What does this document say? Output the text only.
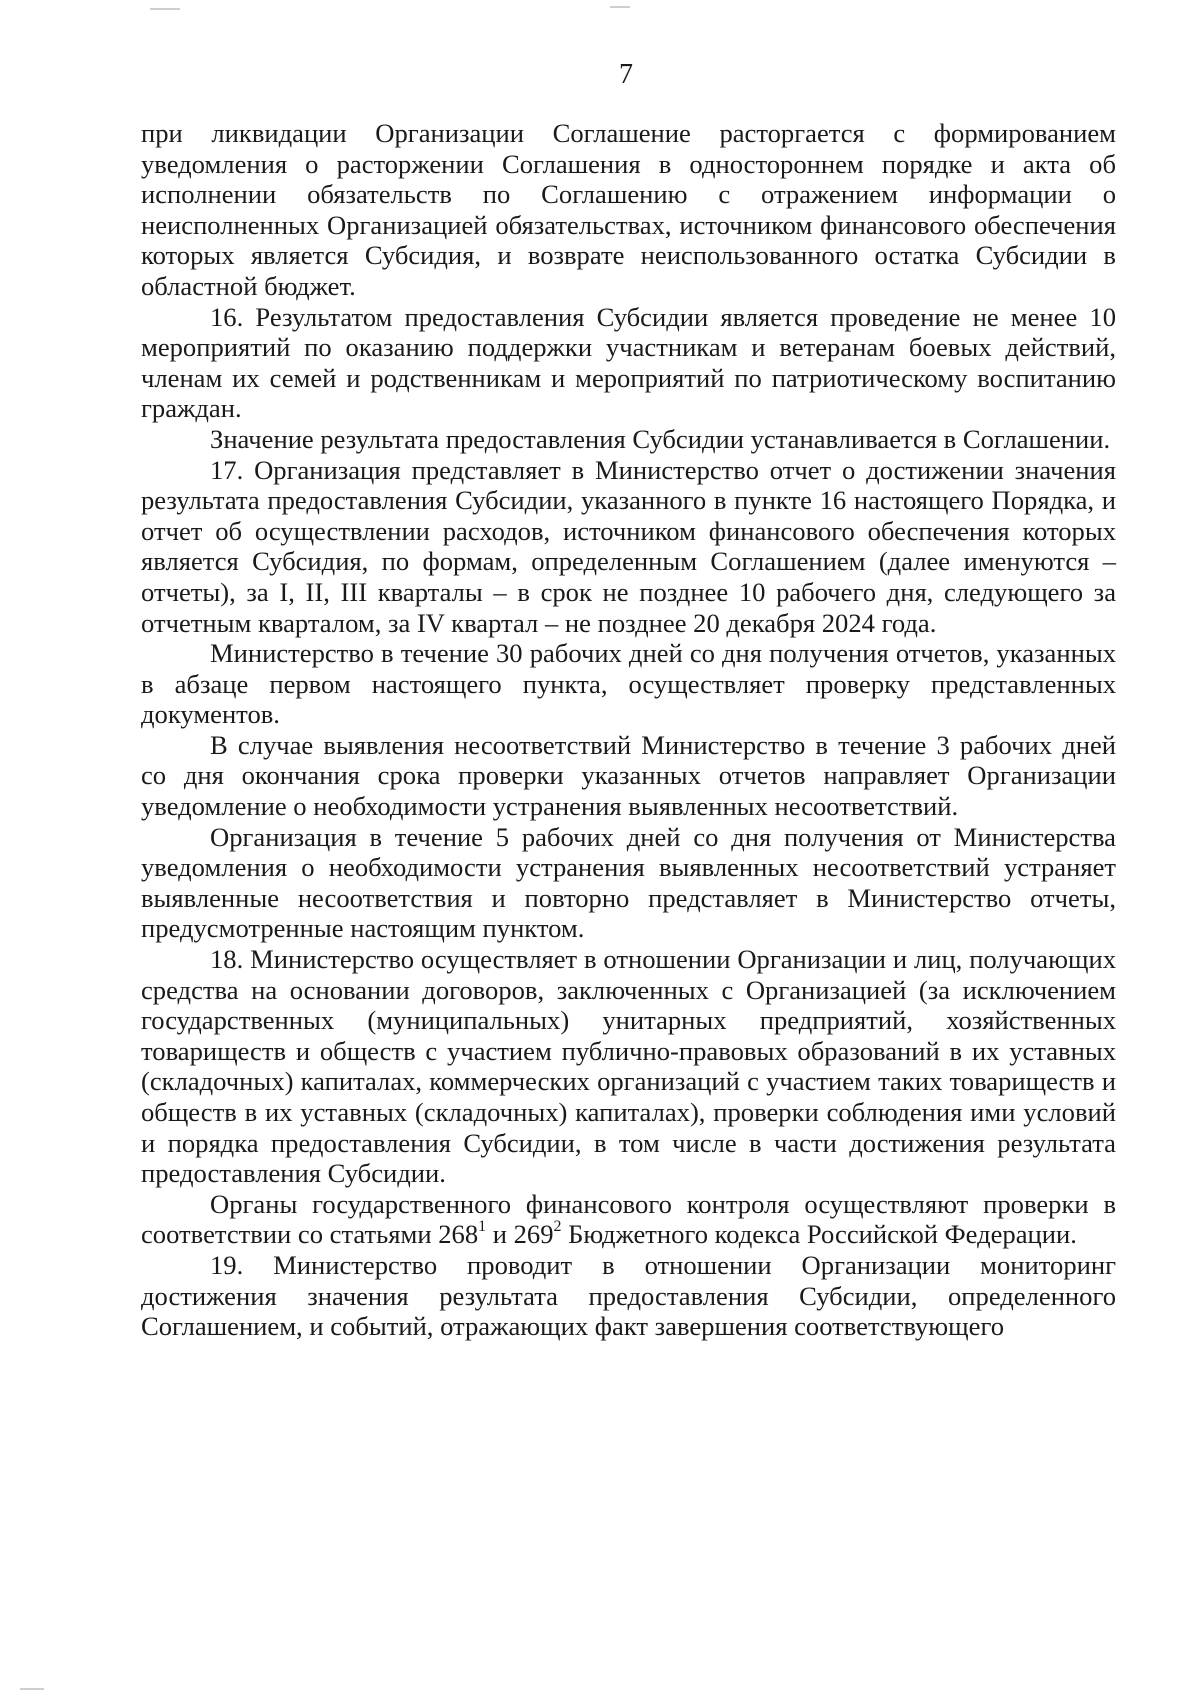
7

при ликвидации Организации Соглашение расторгается с формированием уведомления о расторжении Соглашения в одностороннем порядке и акта об исполнении обязательств по Соглашению с отражением информации о неисполненных Организацией обязательствах, источником финансового обеспечения которых является Субсидия, и возврате неиспользованного остатка Субсидии в областной бюджет.

16. Результатом предоставления Субсидии является проведение не менее 10 мероприятий по оказанию поддержки участникам и ветеранам боевых действий, членам их семей и родственникам и мероприятий по патриотическому воспитанию граждан.

Значение результата предоставления Субсидии устанавливается в Соглашении.

17. Организация представляет в Министерство отчет о достижении значения результата предоставления Субсидии, указанного в пункте 16 настоящего Порядка, и отчет об осуществлении расходов, источником финансового обеспечения которых является Субсидия, по формам, определенным Соглашением (далее именуются – отчеты), за I, II, III кварталы – в срок не позднее 10 рабочего дня, следующего за отчетным кварталом, за IV квартал – не позднее 20 декабря 2024 года.

Министерство в течение 30 рабочих дней со дня получения отчетов, указанных в абзаце первом настоящего пункта, осуществляет проверку представленных документов.

В случае выявления несоответствий Министерство в течение 3 рабочих дней со дня окончания срока проверки указанных отчетов направляет Организации уведомление о необходимости устранения выявленных несоответствий.

Организация в течение 5 рабочих дней со дня получения от Министерства уведомления о необходимости устранения выявленных несоответствий устраняет выявленные несоответствия и повторно представляет в Министерство отчеты, предусмотренные настоящим пунктом.

18. Министерство осуществляет в отношении Организации и лиц, получающих средства на основании договоров, заключенных с Организацией (за исключением государственных (муниципальных) унитарных предприятий, хозяйственных товариществ и обществ с участием публично-правовых образований в их уставных (складочных) капиталах, коммерческих организаций с участием таких товариществ и обществ в их уставных (складочных) капиталах), проверки соблюдения ими условий и порядка предоставления Субсидии, в том числе в части достижения результата предоставления Субсидии.

Органы государственного финансового контроля осуществляют проверки в соответствии со статьями $268^1$ и $269^2$ Бюджетного кодекса Российской Федерации.

19. Министерство проводит в отношении Организации мониторинг достижения значения результата предоставления Субсидии, определенного Соглашением, и событий, отражающих факт завершения соответствующего
